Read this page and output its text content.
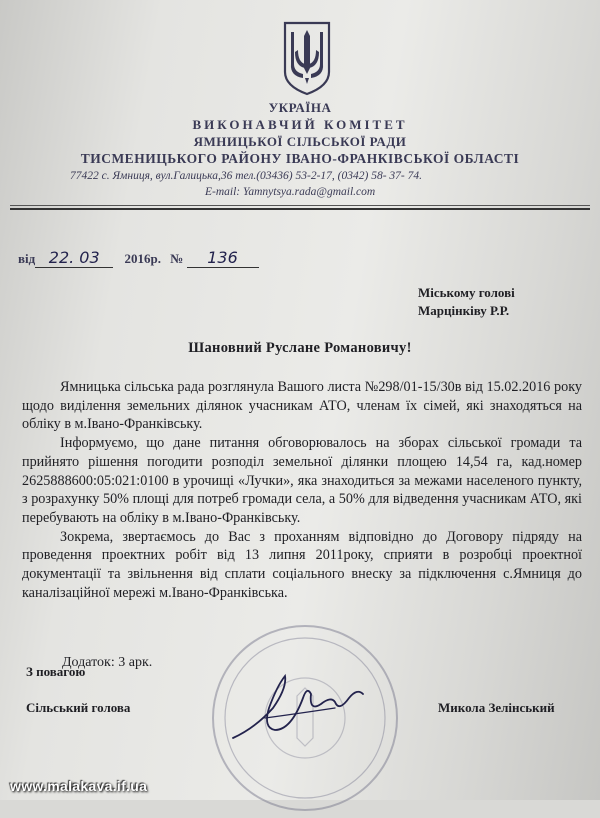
УКРАЇНА
ВИКОНАВЧИЙ КОМІТЕТ
ЯМНИЦЬКОЇ СІЛЬСЬКОЇ РАДИ
ТИСМЕНИЦЬКОГО РАЙОНУ ІВАНО-ФРАНКІВСЬКОЇ ОБЛАСТІ
77422 с. Ямниця, вул.Галицька,36 тел.(03436) 53-2-17, (0342) 58- 37- 74.
E-mail: Yamnytsya.rada@gmail.com
від 22. 03 2016р. № 136
Міському голові
Марцінківу Р.Р.
Шановний Руслане Романовичу!

Ямницька сільська рада розглянула Вашого листа №298/01-15/30в від 15.02.2016 року щодо виділення земельних ділянок учасникам АТО, членам їх сімей, які знаходяться на обліку в м.Івано-Франківську.

Інформуємо, що дане питання обговорювалось на зборах сільської громади та прийнято рішення погодити розподіл земельної ділянки площею 14,54 га, кад.номер 2625888600:05:021:0100 в урочищі «Лучки», яка знаходиться за межами населеного пункту, з розрахунку 50% площі для потреб громади села, а 50% для відведення учасникам АТО, які перебувають на обліку в м.Івано-Франківську.

Зокрема, звертаємось до Вас з проханням відповідно до Договору підряду на проведення проектних робіт від 13 липня 2011року, сприяти в розробці проектної документації та звільнення від сплати соціального внеску за підключення с.Ямниця до каналізаційної мережі м.Івано-Франківська.

Додаток: 3 арк.
З повагою
Сільський голова	Микола Зелінський
www.malakava.if.ua
